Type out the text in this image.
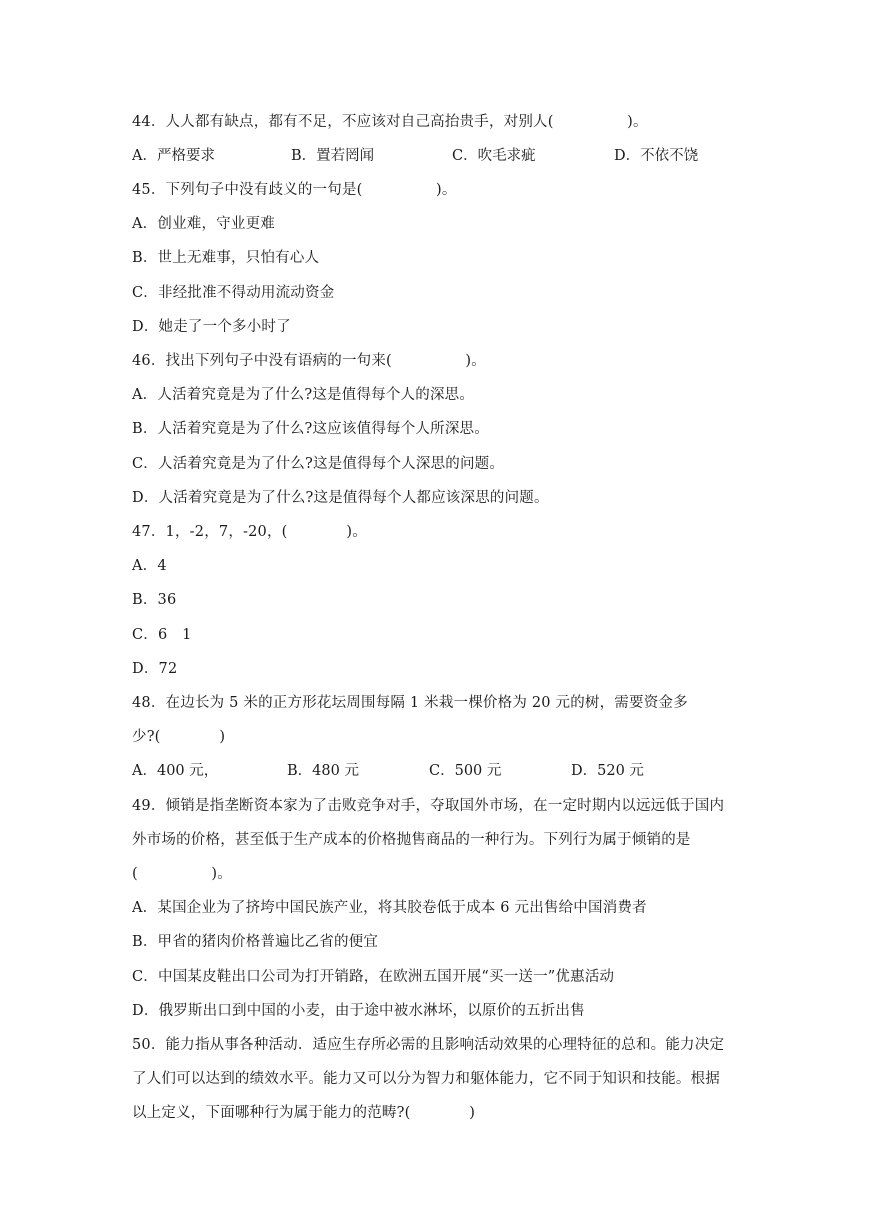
44．人人都有缺点，都有不足，不应该对自己高抬贵手，对别人(　　　　　)。
A．严格要求	B．置若罔闻	C．吹毛求疵	D．不依不饶
45．下列句子中没有歧义的一句是(　　　　　)。
A．创业难，守业更难
B．世上无难事，只怕有心人
C．非经批准不得动用流动资金
D．她走了一个多小时了
46．找出下列句子中没有语病的一句来(　　　　　)。
A．人活着究竟是为了什么?这是值得每个人的深思。
B．人活着究竟是为了什么?这应该值得每个人所深思。
C．人活着究竟是为了什么?这是值得每个人深思的问题。
D．人活着究竟是为了什么?这是值得每个人都应该深思的问题。
47．1，-2，7，-20，(　　　　)。
A．4
B．36
C．6　1
D．72
48．在边长为 5 米的正方形花坛周围每隔 1 米栽一棵价格为 20 元的树，需要资金多
少?(　　　　)
A．400 元，	B．480 元	C．500 元	D．520 元
49．倾销是指垄断资本家为了击败竞争对手，夺取国外市场，在一定时期内以远远低于国内
外市场的价格，甚至低于生产成本的价格抛售商品的一种行为。下列行为属于倾销的是
(　　　　　)。
A．某国企业为了挤垮中国民族产业，将其胶卷低于成本 6 元出售给中国消费者
B．甲省的猪肉价格普遍比乙省的便宜
C．中国某皮鞋出口公司为打开销路，在欧洲五国开展“买一送一”优惠活动
D．俄罗斯出口到中国的小麦，由于途中被水淋坏，以原价的五折出售
50．能力指从事各种活动．适应生存所必需的且影响活动效果的心理特征的总和。能力决定
了人们可以达到的绩效水平。能力又可以分为智力和躯体能力，它不同于知识和技能。根据
以上定义，下面哪种行为属于能力的范畴?(　　　　)
